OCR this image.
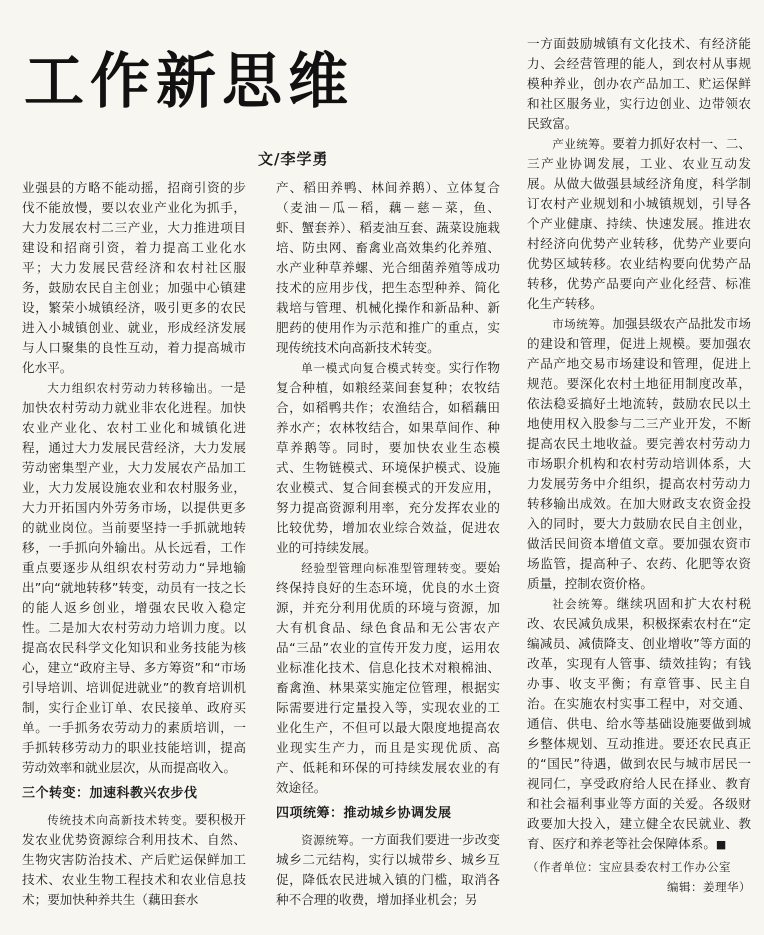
工作新思维
文/李学勇

业强县的方略不能动摇，招商引资的步伐不能放慢，要以农业产业化为抓手，大力发展农村二三产业，大力推进项目建设和招商引资，着力提高工业化水平；大力发展民营经济和农村社区服务，鼓励农民自主创业；加强中心镇建设，繁荣小城镇经济，吸引更多的农民进入小城镇创业、就业，形成经济发展与人口聚集的良性互动，着力提高城市化水平。

大力组织农村劳动力转移输出。一是加快农村劳动力就业非农化进程。加快农业产业化、农村工业化和城镇化进程，通过大力发展民营经济，大力发展劳动密集型产业，大力发展农产品加工业，大力发展设施农业和农村服务业，大力开拓国内外劳务市场，以提供更多的就业岗位。当前要坚持一手抓就地转移，一手抓向外输出。从长远看，工作重点要逐步从组织农村劳动力“异地输出”向“就地转移”转变，动员有一技之长的能人返乡创业，增强农民收入稳定性。二是加大农村劳动力培训力度。以提高农民科学文化知识和业务技能为核心，建立“政府主导、多方筹资”和“市场引导培训、培训促进就业”的教育培训机制，实行企业订单、农民接单、政府买单。一手抓务农劳动力的素质培训，一手抓转移劳动力的职业技能培训，提高劳动效率和就业层次，从而提高收入。

三个转变：加速科教兴农步伐

传统技术向高新技术转变。要积极开发农业优势资源综合利用技术、自然、生物灾害防治技术、产后贮运保鲜加工技术、农业生物工程技术和农业信息技术；要加快种养共生（藕田套水

产、稻田养鸭、林间养鹅）、立体复合（麦油－瓜－稻，藕－慈－菜，鱼、虾、蟹套养）、稻麦油互套、蔬菜设施栽培、防虫网、畜禽业高效集约化养殖、水产业种草养螺、光合细菌养殖等成功技术的应用步伐，把生态型种养、简化栽培与管理、机械化操作和新品种、新肥药的使用作为示范和推广的重点，实现传统技术向高新技术转变。

单一模式向复合模式转变。实行作物复合种植，如粮经菜间套复种；农牧结合，如稻鸭共作；农渔结合，如稻藕田养水产；农林牧结合，如果草间作、种草养鹅等。同时，要加快农业生态模式、生物链模式、环境保护模式、设施农业模式、复合间套模式的开发应用，努力提高资源利用率，充分发挥农业的比较优势，增加农业综合效益，促进农业的可持续发展。

经验型管理向标准型管理转变。要始终保持良好的生态环境，优良的水土资源，并充分利用优质的环境与资源，加大有机食品、绿色食品和无公害农产品“三品”农业的宣传开发力度，运用农业标准化技术、信息化技术对粮棉油、畜禽渔、林果菜实施定位管理，根据实际需要进行定量投入等，实现农业的工业化生产，不但可以最大限度地提高农业现实生产力，而且是实现优质、高产、低耗和环保的可持续发展农业的有效途径。

四项统筹：推动城乡协调发展

资源统筹。一方面我们要进一步改变城乡二元结构，实行以城带乡、城乡互促，降低农民进城入镇的门槛，取消各种不合理的收费，增加择业机会；另

一方面鼓励城镇有文化技术、有经济能力、会经营管理的能人，到农村从事规模种养业，创办农产品加工、贮运保鲜和社区服务业，实行边创业、边带领农民致富。

产业统筹。要着力抓好农村一、二、三产业协调发展，工业、农业互动发展。从做大做强县域经济角度，科学制订农村产业规划和小城镇规划，引导各个产业健康、持续、快速发展。推进农村经济向优势产业转移，优势产业要向优势区域转移。农业结构要向优势产品转移，优势产品要向产业化经营、标准化生产转移。

市场统筹。加强县级农产品批发市场的建设和管理，促进上规模。要加强农产品产地交易市场建设和管理，促进上规范。要深化农村土地征用制度改革，依法稳妥搞好土地流转，鼓励农民以土地使用权入股参与二三产业开发，不断提高农民土地收益。要完善农村劳动力市场职介机构和农村劳动培训体系，大力发展劳务中介组织，提高农村劳动力转移输出成效。在加大财政支农资金投入的同时，要大力鼓励农民自主创业，做活民间资本增值文章。要加强农资市场监管，提高种子、农药、化肥等农资质量，控制农资价格。

社会统筹。继续巩固和扩大农村税改、农民减负成果，积极探索农村在“定编减员、减债降支、创业增收”等方面的改革，实现有人管事、绩效挂钩；有钱办事、收支平衡；有章管事、民主自治。在实施农村实事工程中，对交通、通信、供电、给水等基础设施要做到城乡整体规划、互动推进。要还农民真正的“国民”待遇，做到农民与城市居民一视同仁，享受政府给人民在择业、教育和社会福利事业等方面的关爱。各级财政要加大投入，建立健全农民就业、教育、医疗和养老等社会保障体系。■

（作者单位：宝应县委农村工作办公室

编辑：姜理华）
